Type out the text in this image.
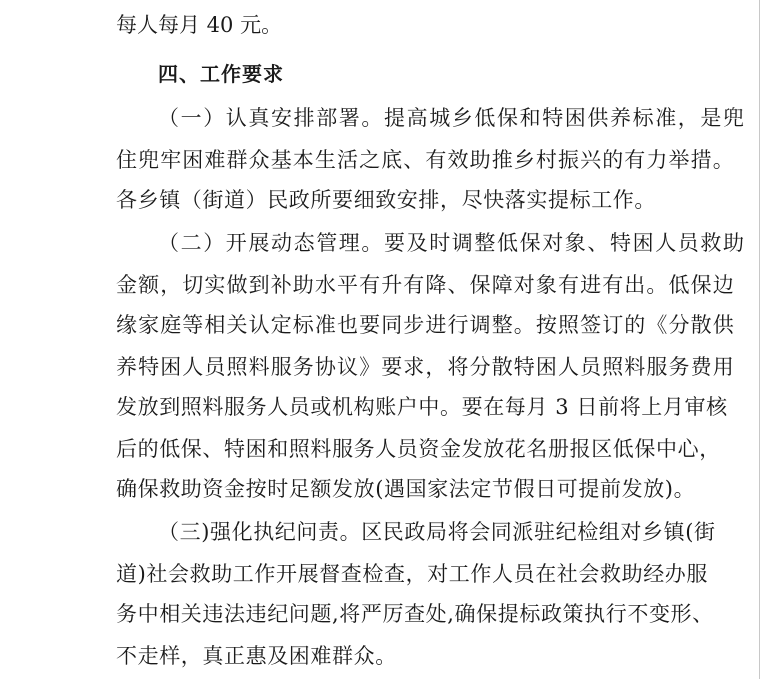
每人每月 40 元。
四、工作要求
（一）认真安排部署。提高城乡低保和特困供养标准，是兜
住兜牢困难群众基本生活之底、有效助推乡村振兴的有力举措。
各乡镇（街道）民政所要细致安排，尽快落实提标工作。
（二）开展动态管理。要及时调整低保对象、特困人员救助
金额，切实做到补助水平有升有降、保障对象有进有出。低保边
缘家庭等相关认定标准也要同步进行调整。按照签订的《分散供
养特困人员照料服务协议》要求，将分散特困人员照料服务费用
发放到照料服务人员或机构账户中。要在每月 3 日前将上月审核
后的低保、特困和照料服务人员资金发放花名册报区低保中心，
确保救助资金按时足额发放(遇国家法定节假日可提前发放)。
（三)强化执纪问责。区民政局将会同派驻纪检组对乡镇(街
道)社会救助工作开展督查检查，对工作人员在社会救助经办服
务中相关违法违纪问题,将严厉查处,确保提标政策执行不变形、
不走样，真正惠及困难群众。
